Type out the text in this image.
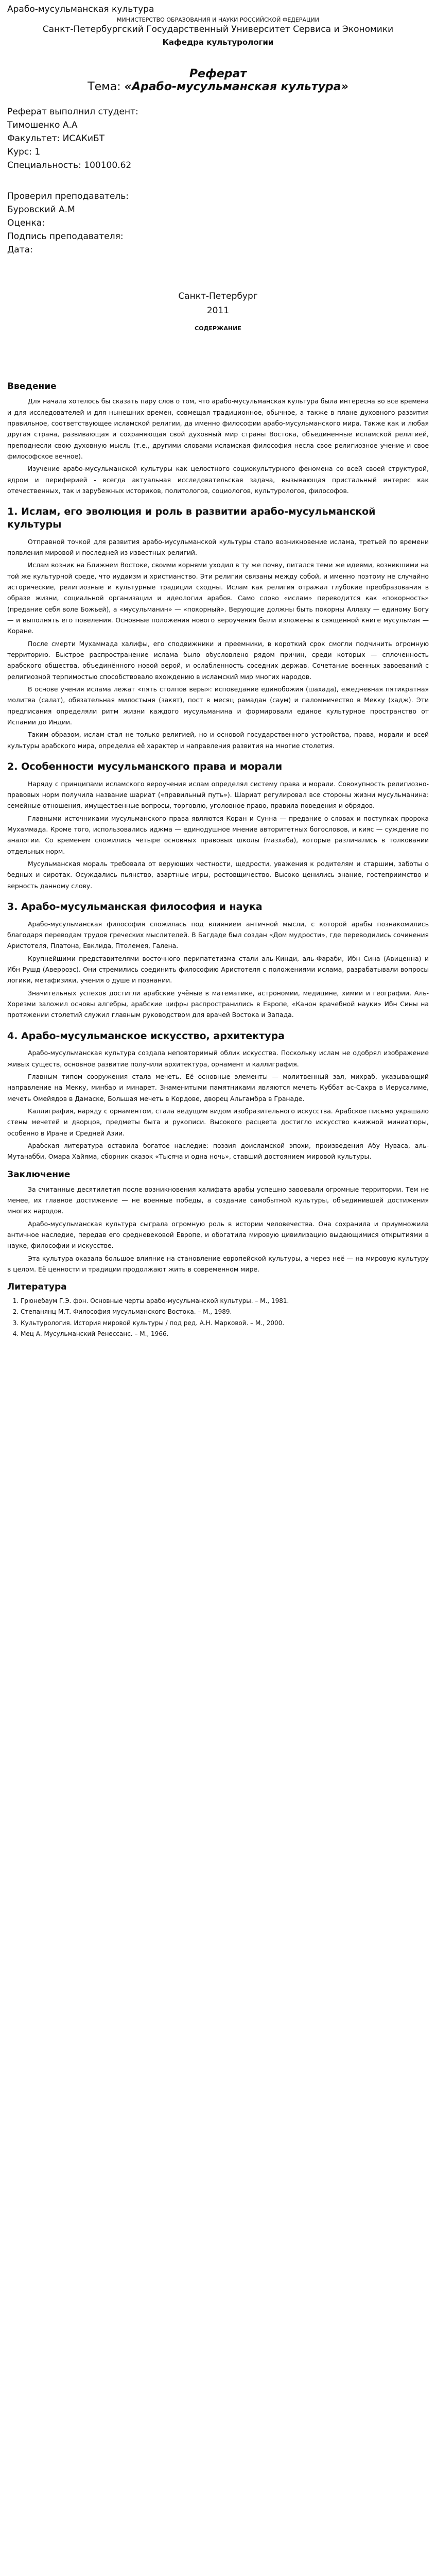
Арабо-мусульманская культура

МИНИСТЕРСТВО ОБРАЗОВАНИЯ И НАУКИ РОССИЙСКОЙ ФЕДЕРАЦИИ

Санкт-Петербургский Государственный Университет Сервиса и Экономики

Кафедра культурологии

Реферат

Тема: «Арабо-мусульманская культура»

Реферат выполнил студент:

Тимошенко А.А

Факультет: ИСАКиБТ

Курс: 1

Специальность: 100100.62

Проверил преподаватель:

Буровский А.М

Оценка:

Подпись преподавателя:

Дата:

Санкт-Петербург

2011

СОДЕРЖАНИЕ

Введение

Для начала хотелось бы сказать пару слов о том, что арабо-мусульманская культура была интересна во все времена и для исследователей и для нынешних времен, совмещая традиционное, обычное, а также в плане духовного развития правильное, соответствующее исламской религии, да именно философии арабо-мусульманского мира. Также как и любая другая страна, развивающая и сохраняющая свой духовный мир страны Востока, объединенные исламской религией, преподнесли свою духовную мысль (т.е., другими словами исламская философия несла свое религиозное учение и свое философское вечное).

Изучение арабо-мусульманской культуры как целостного социокультурного феномена со всей своей структурой, ядром и периферией - всегда актуальная исследовательская задача, вызывающая пристальный интерес как отечественных, так и зарубежных историков, политологов, социологов, культурологов, философов.

1. Ислам, его эволюция и роль в развитии арабо-мусульманской культуры

Отправной точкой для развития арабо-мусульманской культуры стало возникновение ислама, третьей по времени появления мировой и последней из известных религий.

Ислам возник на Ближнем Востоке, своими корнями уходил в ту же почву, питался теми же идеями, возникшими на той же культурной среде, что иудаизм и христианство. Эти религии связаны между собой, и именно поэтому не случайно исторические, религиозные и культурные традиции сходны. Ислам как религия отражал глубокие преобразования в образе жизни, социальной организации и идеологии арабов. Само слово «ислам» переводится как «покорность» (предание себя воле Божьей), а «мусульманин» — «покорный». Верующие должны быть покорны Аллаху — единому Богу — и выполнять его повеления. Основные положения нового вероучения были изложены в священной книге мусульман — Коране.

После смерти Мухаммада халифы, его сподвижники и преемники, в короткий срок смогли подчинить огромную территорию. Быстрое распространение ислама было обусловлено рядом причин, среди которых — сплоченность арабского общества, объединённого новой верой, и ослабленность соседних держав. Сочетание военных завоеваний с религиозной терпимостью способствовало вхождению в исламский мир многих народов.

В основе учения ислама лежат «пять столпов веры»: исповедание единобожия (шахада), ежедневная пятикратная молитва (салат), обязательная милостыня (закят), пост в месяц рамадан (саум) и паломничество в Мекку (хадж). Эти предписания определяли ритм жизни каждого мусульманина и формировали единое культурное пространство от Испании до Индии.

Таким образом, ислам стал не только религией, но и основой государственного устройства, права, морали и всей культуры арабского мира, определив её характер и направления развития на многие столетия.

2. Особенности мусульманского права и морали

Наряду с принципами исламского вероучения ислам определял систему права и морали. Совокупность религиозно-правовых норм получила название шариат («правильный путь»). Шариат регулировал все стороны жизни мусульманина: семейные отношения, имущественные вопросы, торговлю, уголовное право, правила поведения и обрядов.

Главными источниками мусульманского права являются Коран и Сунна — предание о словах и поступках пророка Мухаммада. Кроме того, использовались иджма — единодушное мнение авторитетных богословов, и кияс — суждение по аналогии. Со временем сложились четыре основных правовых школы (мазхаба), которые различались в толковании отдельных норм.

Мусульманская мораль требовала от верующих честности, щедрости, уважения к родителям и старшим, заботы о бедных и сиротах. Осуждались пьянство, азартные игры, ростовщичество. Высоко ценились знание, гостеприимство и верность данному слову.

3. Арабо-мусульманская философия и наука

Арабо-мусульманская философия сложилась под влиянием античной мысли, с которой арабы познакомились благодаря переводам трудов греческих мыслителей. В Багдаде был создан «Дом мудрости», где переводились сочинения Аристотеля, Платона, Евклида, Птолемея, Галена.

Крупнейшими представителями восточного перипатетизма стали аль-Кинди, аль-Фараби, Ибн Сина (Авиценна) и Ибн Рушд (Аверроэс). Они стремились соединить философию Аристотеля с положениями ислама, разрабатывали вопросы логики, метафизики, учения о душе и познании.

Значительных успехов достигли арабские учёные в математике, астрономии, медицине, химии и географии. Аль-Хорезми заложил основы алгебры, арабские цифры распространились в Европе, «Канон врачебной науки» Ибн Сины на протяжении столетий служил главным руководством для врачей Востока и Запада.

4. Арабо-мусульманское искусство, архитектура

Арабо-мусульманская культура создала неповторимый облик искусства. Поскольку ислам не одобрял изображение живых существ, основное развитие получили архитектура, орнамент и каллиграфия.

Главным типом сооружения стала мечеть. Её основные элементы — молитвенный зал, михраб, указывающий направление на Мекку, минбар и минарет. Знаменитыми памятниками являются мечеть Куббат ас-Сахра в Иерусалиме, мечеть Омейядов в Дамаске, Большая мечеть в Кордове, дворец Альгамбра в Гранаде.

Каллиграфия, наряду с орнаментом, стала ведущим видом изобразительного искусства. Арабское письмо украшало стены мечетей и дворцов, предметы быта и рукописи. Высокого расцвета достигло искусство книжной миниатюры, особенно в Иране и Средней Азии.

Арабская литература оставила богатое наследие: поэзия доисламской эпохи, произведения Абу Нуваса, аль-Мутанабби, Омара Хайяма, сборник сказок «Тысяча и одна ночь», ставший достоянием мировой культуры.

Заключение

За считанные десятилетия после возникновения халифата арабы успешно завоевали огромные территории. Тем не менее, их главное достижение — не военные победы, а создание самобытной культуры, объединившей достижения многих народов.

Арабо-мусульманская культура сыграла огромную роль в истории человечества. Она сохранила и приумножила античное наследие, передав его средневековой Европе, и обогатила мировую цивилизацию выдающимися открытиями в науке, философии и искусстве.

Эта культура оказала большое влияние на становление европейской культуры, а через неё — на мировую культуру в целом. Её ценности и традиции продолжают жить в современном мире.

Литература
1. Грюнебаум Г.Э. фон. Основные черты арабо-мусульманской культуры. – М., 1981.
2. Степанянц М.Т. Философия мусульманского Востока. – М., 1989.
3. Культурология. История мировой культуры / под ред. А.Н. Марковой. – М., 2000.
4. Мец А. Мусульманский Ренессанс. – М., 1966.
